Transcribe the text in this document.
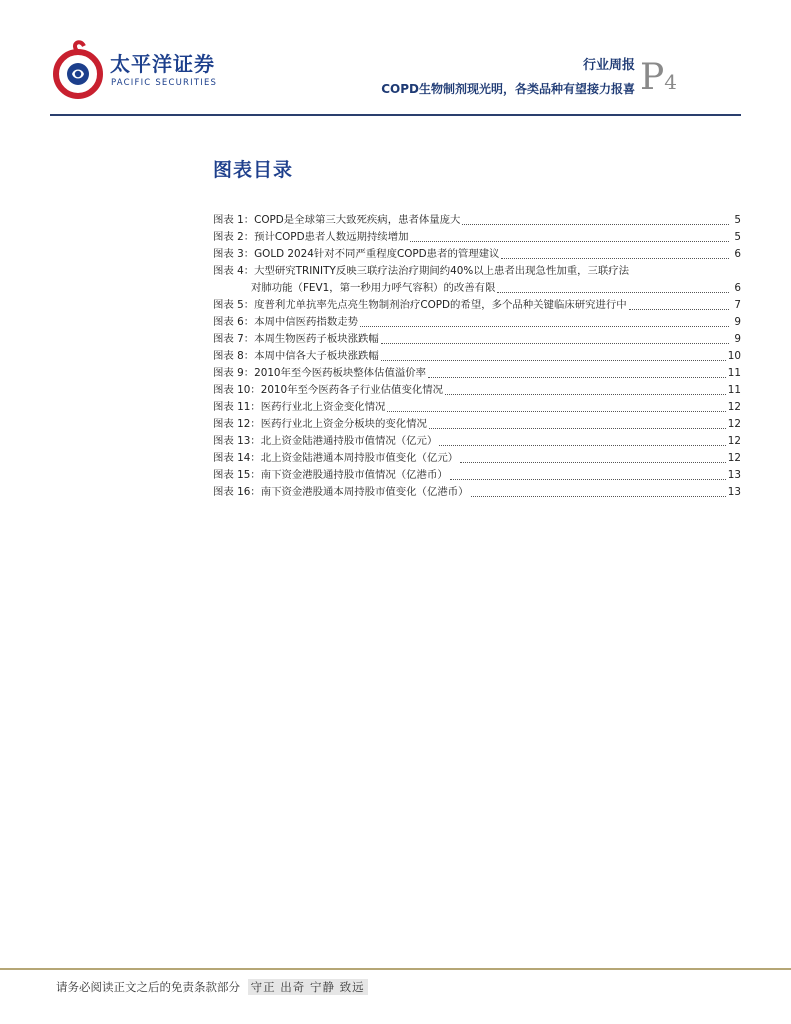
太平洋证券
PACIFIC SECURITIES
行业周报
COPD生物制剂现光明，各类品种有望接力报喜 P4
图表目录
图表 1： COPD是全球第三大致死疾病，患者体量庞大	5
图表 2： 预计COPD患者人数远期持续增加	5
图表 3： GOLD 2024针对不同严重程度COPD患者的管理建议	6
图表 4： 大型研究TRINITY反映三联疗法治疗期间约40%以上患者出现急性加重，三联疗法
对肺功能（FEV1，第一秒用力呼气容积）的改善有限	6
图表 5： 度普利尤单抗率先点亮生物制剂治疗COPD的希望，多个品种关键临床研究进行中	7
图表 6： 本周中信医药指数走势	9
图表 7： 本周生物医药子板块涨跌幅	9
图表 8： 本周中信各大子板块涨跌幅	10
图表 9： 2010年至今医药板块整体估值溢价率	11
图表 10： 2010年至今医药各子行业估值变化情况	11
图表 11： 医药行业北上资金变化情况	12
图表 12： 医药行业北上资金分板块的变化情况	12
图表 13： 北上资金陆港通持股市值情况（亿元）	12
图表 14： 北上资金陆港通本周持股市值变化（亿元）	12
图表 15： 南下资金港股通持股市值情况（亿港币）	13
图表 16： 南下资金港股通本周持股市值变化（亿港币）	13
请务必阅读正文之后的免责条款部分 守正 出奇 宁静 致远
